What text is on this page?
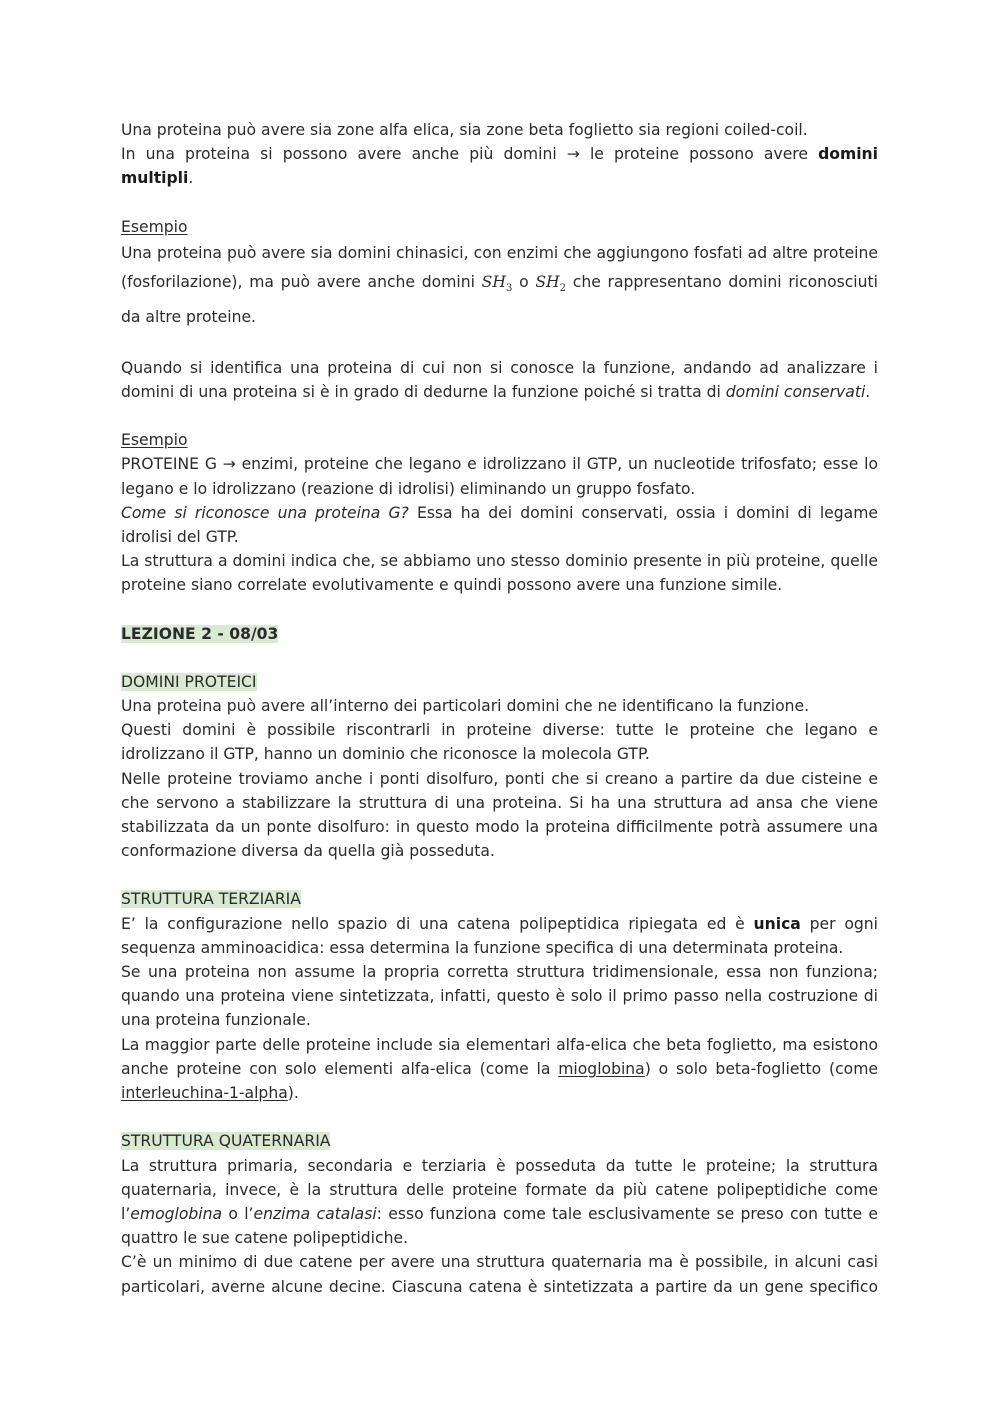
Una proteina può avere sia zone alfa elica, sia zone beta foglietto sia regioni coiled-coil.

In una proteina si possono avere anche più domini → le proteine possono avere domini multipli.

Esempio

Una proteina può avere sia domini chinasici, con enzimi che aggiungono fosfati ad altre proteine (fosforilazione), ma può avere anche domini $SH_3$ o $SH_2$ che rappresentano domini riconosciuti da altre proteine.

Quando si identifica una proteina di cui non si conosce la funzione, andando ad analizzare i domini di una proteina si è in grado di dedurne la funzione poiché si tratta di domini conservati.

Esempio

PROTEINE G → enzimi, proteine che legano e idrolizzano il GTP, un nucleotide trifosfato; esse lo legano e lo idrolizzano (reazione di idrolisi) eliminando un gruppo fosfato.

Come si riconosce una proteina G? Essa ha dei domini conservati, ossia i domini di legame idrolisi del GTP.

La struttura a domini indica che, se abbiamo uno stesso dominio presente in più proteine, quelle proteine siano correlate evolutivamente e quindi possono avere una funzione simile.

LEZIONE 2 - 08/03

DOMINI PROTEICI

Una proteina può avere all’interno dei particolari domini che ne identificano la funzione.

Questi domini è possibile riscontrarli in proteine diverse: tutte le proteine che legano e idrolizzano il GTP, hanno un dominio che riconosce la molecola GTP.

Nelle proteine troviamo anche i ponti disolfuro, ponti che si creano a partire da due cisteine e che servono a stabilizzare la struttura di una proteina. Si ha una struttura ad ansa che viene stabilizzata da un ponte disolfuro: in questo modo la proteina difficilmente potrà assumere una conformazione diversa da quella già posseduta.

STRUTTURA TERZIARIA

E’ la configurazione nello spazio di una catena polipeptidica ripiegata ed è unica per ogni sequenza amminoacidica: essa determina la funzione specifica di una determinata proteina.

Se una proteina non assume la propria corretta struttura tridimensionale, essa non funziona; quando una proteina viene sintetizzata, infatti, questo è solo il primo passo nella costruzione di una proteina funzionale.

La maggior parte delle proteine include sia elementari alfa-elica che beta foglietto, ma esistono anche proteine con solo elementi alfa-elica (come la mioglobina) o solo beta-foglietto (come interleuchina-1-alpha).

STRUTTURA QUATERNARIA

La struttura primaria, secondaria e terziaria è posseduta da tutte le proteine; la struttura quaternaria, invece, è la struttura delle proteine formate da più catene polipeptidiche come l’emoglobina o l’enzima catalasi: esso funziona come tale esclusivamente se preso con tutte e quattro le sue catene polipeptidiche.

C’è un minimo di due catene per avere una struttura quaternaria ma è possibile, in alcuni casi particolari, averne alcune decine. Ciascuna catena è sintetizzata a partire da un gene specifico
